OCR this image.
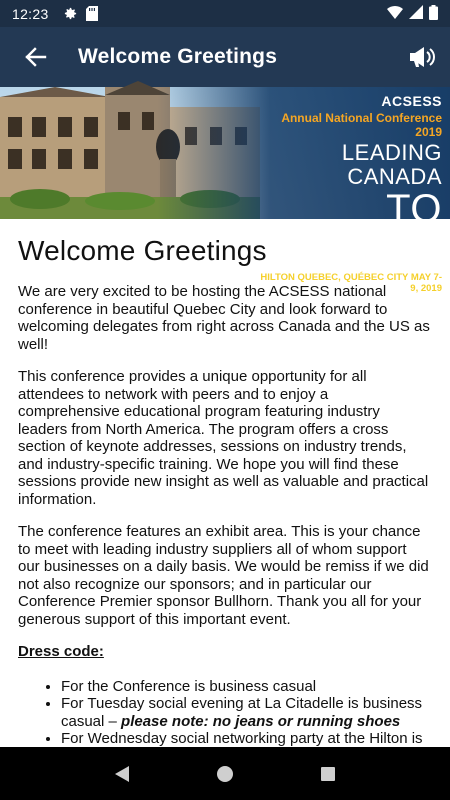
12:23
Welcome Greetings
ACSESS
Annual National Conference 2019
LEADING CANADA
TO WORK
HILTON QUEBEC, QUÉBEC CITY MAY 7-9, 2019
#ACSESS2Work2019
Welcome Greetings

We are very excited to be hosting the ACSESS national conference in beautiful Quebec City and look forward to welcoming delegates from right across Canada and the US as well!

This conference provides a unique opportunity for all attendees to network with peers and to enjoy a comprehensive educational program featuring industry leaders from North America. The program offers a cross section of keynote addresses, sessions on industry trends, and industry-specific training. We hope you will find these sessions provide new insight as well as valuable and practical information.

The conference features an exhibit area. This is your chance to meet with leading industry suppliers all of whom support our businesses on a daily basis. We would be remiss if we did not also recognize our sponsors; and in particular our Conference Premier sponsor Bullhorn. Thank you all for your generous support of this important event.

Dress code:

• For the Conference is business casual
• For Tuesday social evening at La Citadelle is business casual – please note: no jeans or running shoes
• For Wednesday social networking party at the Hilton is
